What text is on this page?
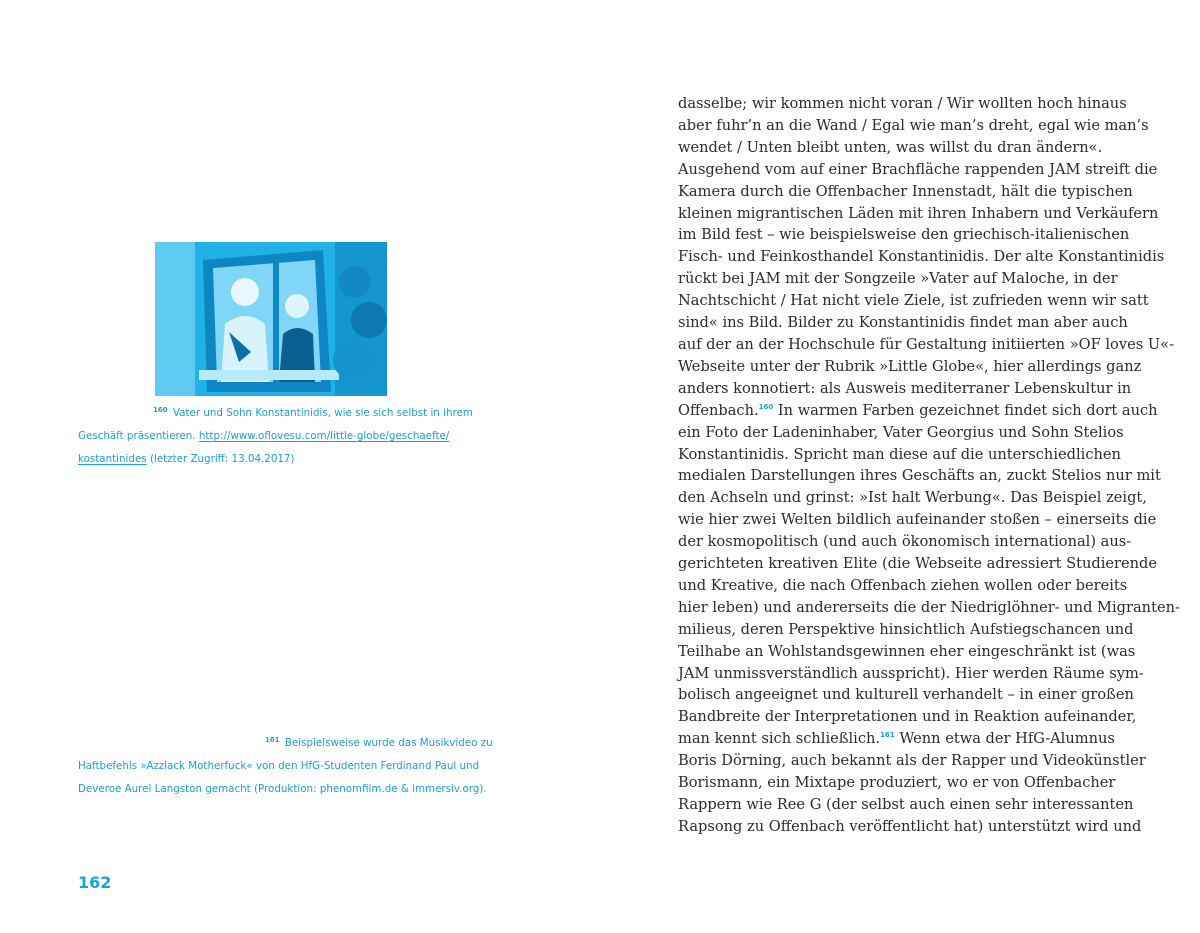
$^{160}$ Vater und Sohn Konstantinidis, wie sie sich selbst in ihrem
Geschäft präsentieren. http://www.oflovesu.com/little-globe/geschaefte/
kostantinides (letzter Zugriff: 13.04.2017)
$^{161}$ Beispielsweise wurde das Musikvideo zu
Haftbefehls »Azzlack Motherfuck« von den HfG-Studenten Ferdinand Paul und
Deveroe Aurel Langston gemacht (Produktion: phenomfilm.de & immersiv.org).
162
dasselbe; wir kommen nicht voran / Wir wollten hoch hinaus
aber fuhr’n an die Wand / Egal wie man’s dreht, egal wie man’s
wendet / Unten bleibt unten, was willst du dran ändern«.
Ausgehend vom auf einer Brachfläche rappenden JAM streift die
Kamera durch die Offenbacher Innenstadt, hält die typischen
kleinen migrantischen Läden mit ihren Inhabern und Verkäufern
im Bild fest – wie beispielsweise den griechisch-italienischen
Fisch- und Feinkosthandel Konstantinidis. Der alte Konstantinidis
rückt bei JAM mit der Songzeile »Vater auf Maloche, in der
Nachtschicht / Hat nicht viele Ziele, ist zufrieden wenn wir satt
sind« ins Bild. Bilder zu Konstantinidis findet man aber auch
auf der an der Hochschule für Gestaltung initiierten »OF loves U«-
Webseite unter der Rubrik »Little Globe«, hier allerdings ganz
anders konnotiert: als Ausweis mediterraner Lebenskultur in
Offenbach.$^{160}$ In warmen Farben gezeichnet findet sich dort auch
ein Foto der Ladeninhaber, Vater Georgius und Sohn Stelios
Konstantinidis. Spricht man diese auf die unterschiedlichen
medialen Darstellungen ihres Geschäfts an, zuckt Stelios nur mit
den Achseln und grinst: »Ist halt Werbung«. Das Beispiel zeigt,
wie hier zwei Welten bildlich aufeinander stoßen – einerseits die
der kosmopolitisch (und auch ökonomisch international) aus-
gerichteten kreativen Elite (die Webseite adressiert Studierende
und Kreative, die nach Offenbach ziehen wollen oder bereits
hier leben) und andererseits die der Niedriglöhner- und Migranten-
milieus, deren Perspektive hinsichtlich Aufstiegschancen und
Teilhabe an Wohlstandsgewinnen eher eingeschränkt ist (was
JAM unmissverständlich ausspricht). Hier werden Räume sym-
bolisch angeeignet und kulturell verhandelt – in einer großen
Bandbreite der Interpretationen und in Reaktion aufeinander,
man kennt sich schließlich.$^{161}$ Wenn etwa der HfG-Alumnus
Boris Dörning, auch bekannt als der Rapper und Videokünstler
Borismann, ein Mixtape produziert, wo er von Offenbacher
Rappern wie Ree G (der selbst auch einen sehr interessanten
Rapsong zu Offenbach veröffentlicht hat) unterstützt wird und
